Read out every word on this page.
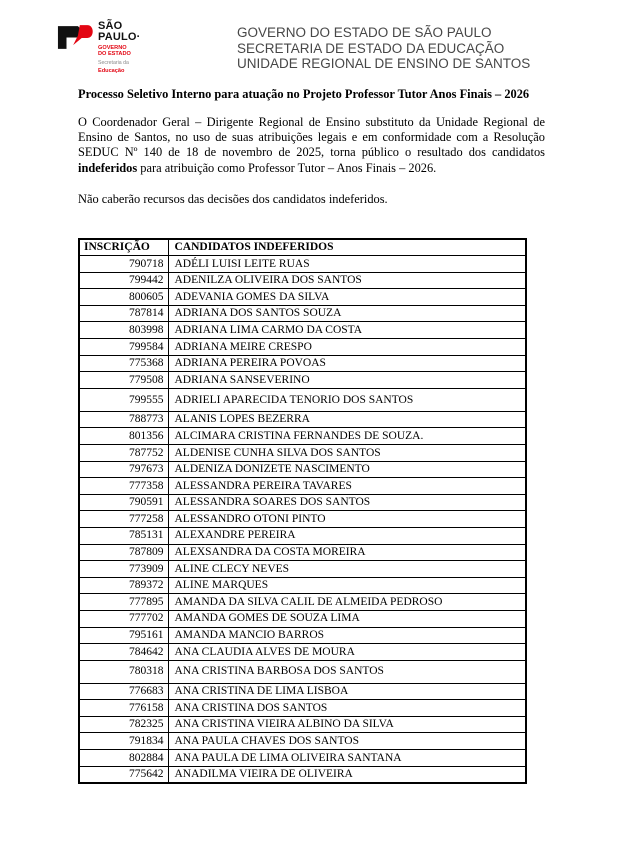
SÃO
PAULO·
GOVERNO
DO ESTADO
Secretaria da
Educação
GOVERNO DO ESTADO DE SÃO PAULO
SECRETARIA DE ESTADO DA EDUCAÇÃO
UNIDADE REGIONAL DE ENSINO DE SANTOS
Processo Seletivo Interno para atuação no Projeto Professor Tutor Anos Finais – 2026

O Coordenador Geral – Dirigente Regional de Ensino substituto da Unidade Regional de Ensino de Santos, no uso de suas atribuições legais e em conformidade com a Resolução SEDUC Nº 140 de 18 de novembro de 2025, torna público o resultado dos candidatos indeferidos para atribuição como Professor Tutor – Anos Finais – 2026.

Não caberão recursos das decisões dos candidatos indeferidos.

INSCRIÇÃO	CANDIDATOS INDEFERIDOS
790718	ADÉLI LUISI LEITE RUAS
799442	ADENILZA OLIVEIRA DOS SANTOS
800605	ADEVANIA GOMES DA SILVA
787814	ADRIANA DOS SANTOS SOUZA
803998	ADRIANA LIMA CARMO DA COSTA
799584	ADRIANA MEIRE CRESPO
775368	ADRIANA PEREIRA POVOAS
779508	ADRIANA SANSEVERINO
799555	ADRIELI APARECIDA TENORIO DOS SANTOS
788773	ALANIS LOPES BEZERRA
801356	ALCIMARA CRISTINA FERNANDES DE SOUZA.
787752	ALDENISE CUNHA SILVA DOS SANTOS
797673	ALDENIZA DONIZETE NASCIMENTO
777358	ALESSANDRA PEREIRA TAVARES
790591	ALESSANDRA SOARES DOS SANTOS
777258	ALESSANDRO OTONI PINTO
785131	ALEXANDRE PEREIRA
787809	ALEXSANDRA DA COSTA MOREIRA
773909	ALINE CLECY NEVES
789372	ALINE MARQUES
777895	AMANDA DA SILVA CALIL DE ALMEIDA PEDROSO
777702	AMANDA GOMES DE SOUZA LIMA
795161	AMANDA MANCIO BARROS
784642	ANA CLAUDIA ALVES DE MOURA
780318	ANA CRISTINA BARBOSA DOS SANTOS
776683	ANA CRISTINA DE LIMA LISBOA
776158	ANA CRISTINA DOS SANTOS
782325	ANA CRISTINA VIEIRA ALBINO DA SILVA
791834	ANA PAULA CHAVES DOS SANTOS
802884	ANA PAULA DE LIMA OLIVEIRA SANTANA
775642	ANADILMA VIEIRA DE OLIVEIRA
